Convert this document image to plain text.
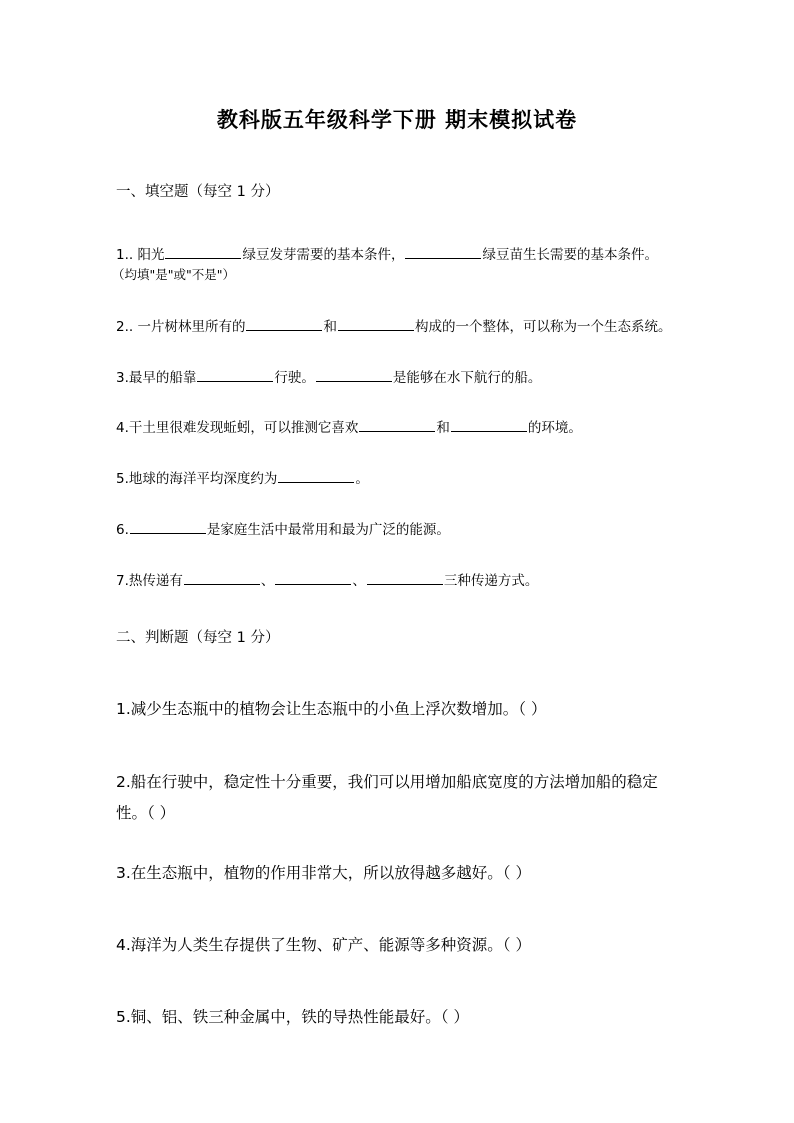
教科版五年级科学下册 期末模拟试卷
一、填空题（每空 1 分）
1.. 阳光	绿豆发芽需要的基本条件，	绿豆苗生长需要的基本条件。
（均填"是"或"不是"）
2.. 一片树林里所有的	和	构成的一个整体，可以称为一个生态系统。
3.最早的船靠	行驶。	是能够在水下航行的船。
4.干土里很难发现蚯蚓，可以推测它喜欢	和	的环境。
5.地球的海洋平均深度约为	。
6.	是家庭生活中最常用和最为广泛的能源。
7.热传递有	、	、	三种传递方式。
二、判断题（每空 1 分）
1.减少生态瓶中的植物会让生态瓶中的小鱼上浮次数增加。（ ）
2.船在行驶中，稳定性十分重要，我们可以用增加船底宽度的方法增加船的稳定
性。（ ）
3.在生态瓶中，植物的作用非常大，所以放得越多越好。（ ）
4.海洋为人类生存提供了生物、矿产、能源等多种资源。（ ）
5.铜、铝、铁三种金属中，铁的导热性能最好。（ ）
